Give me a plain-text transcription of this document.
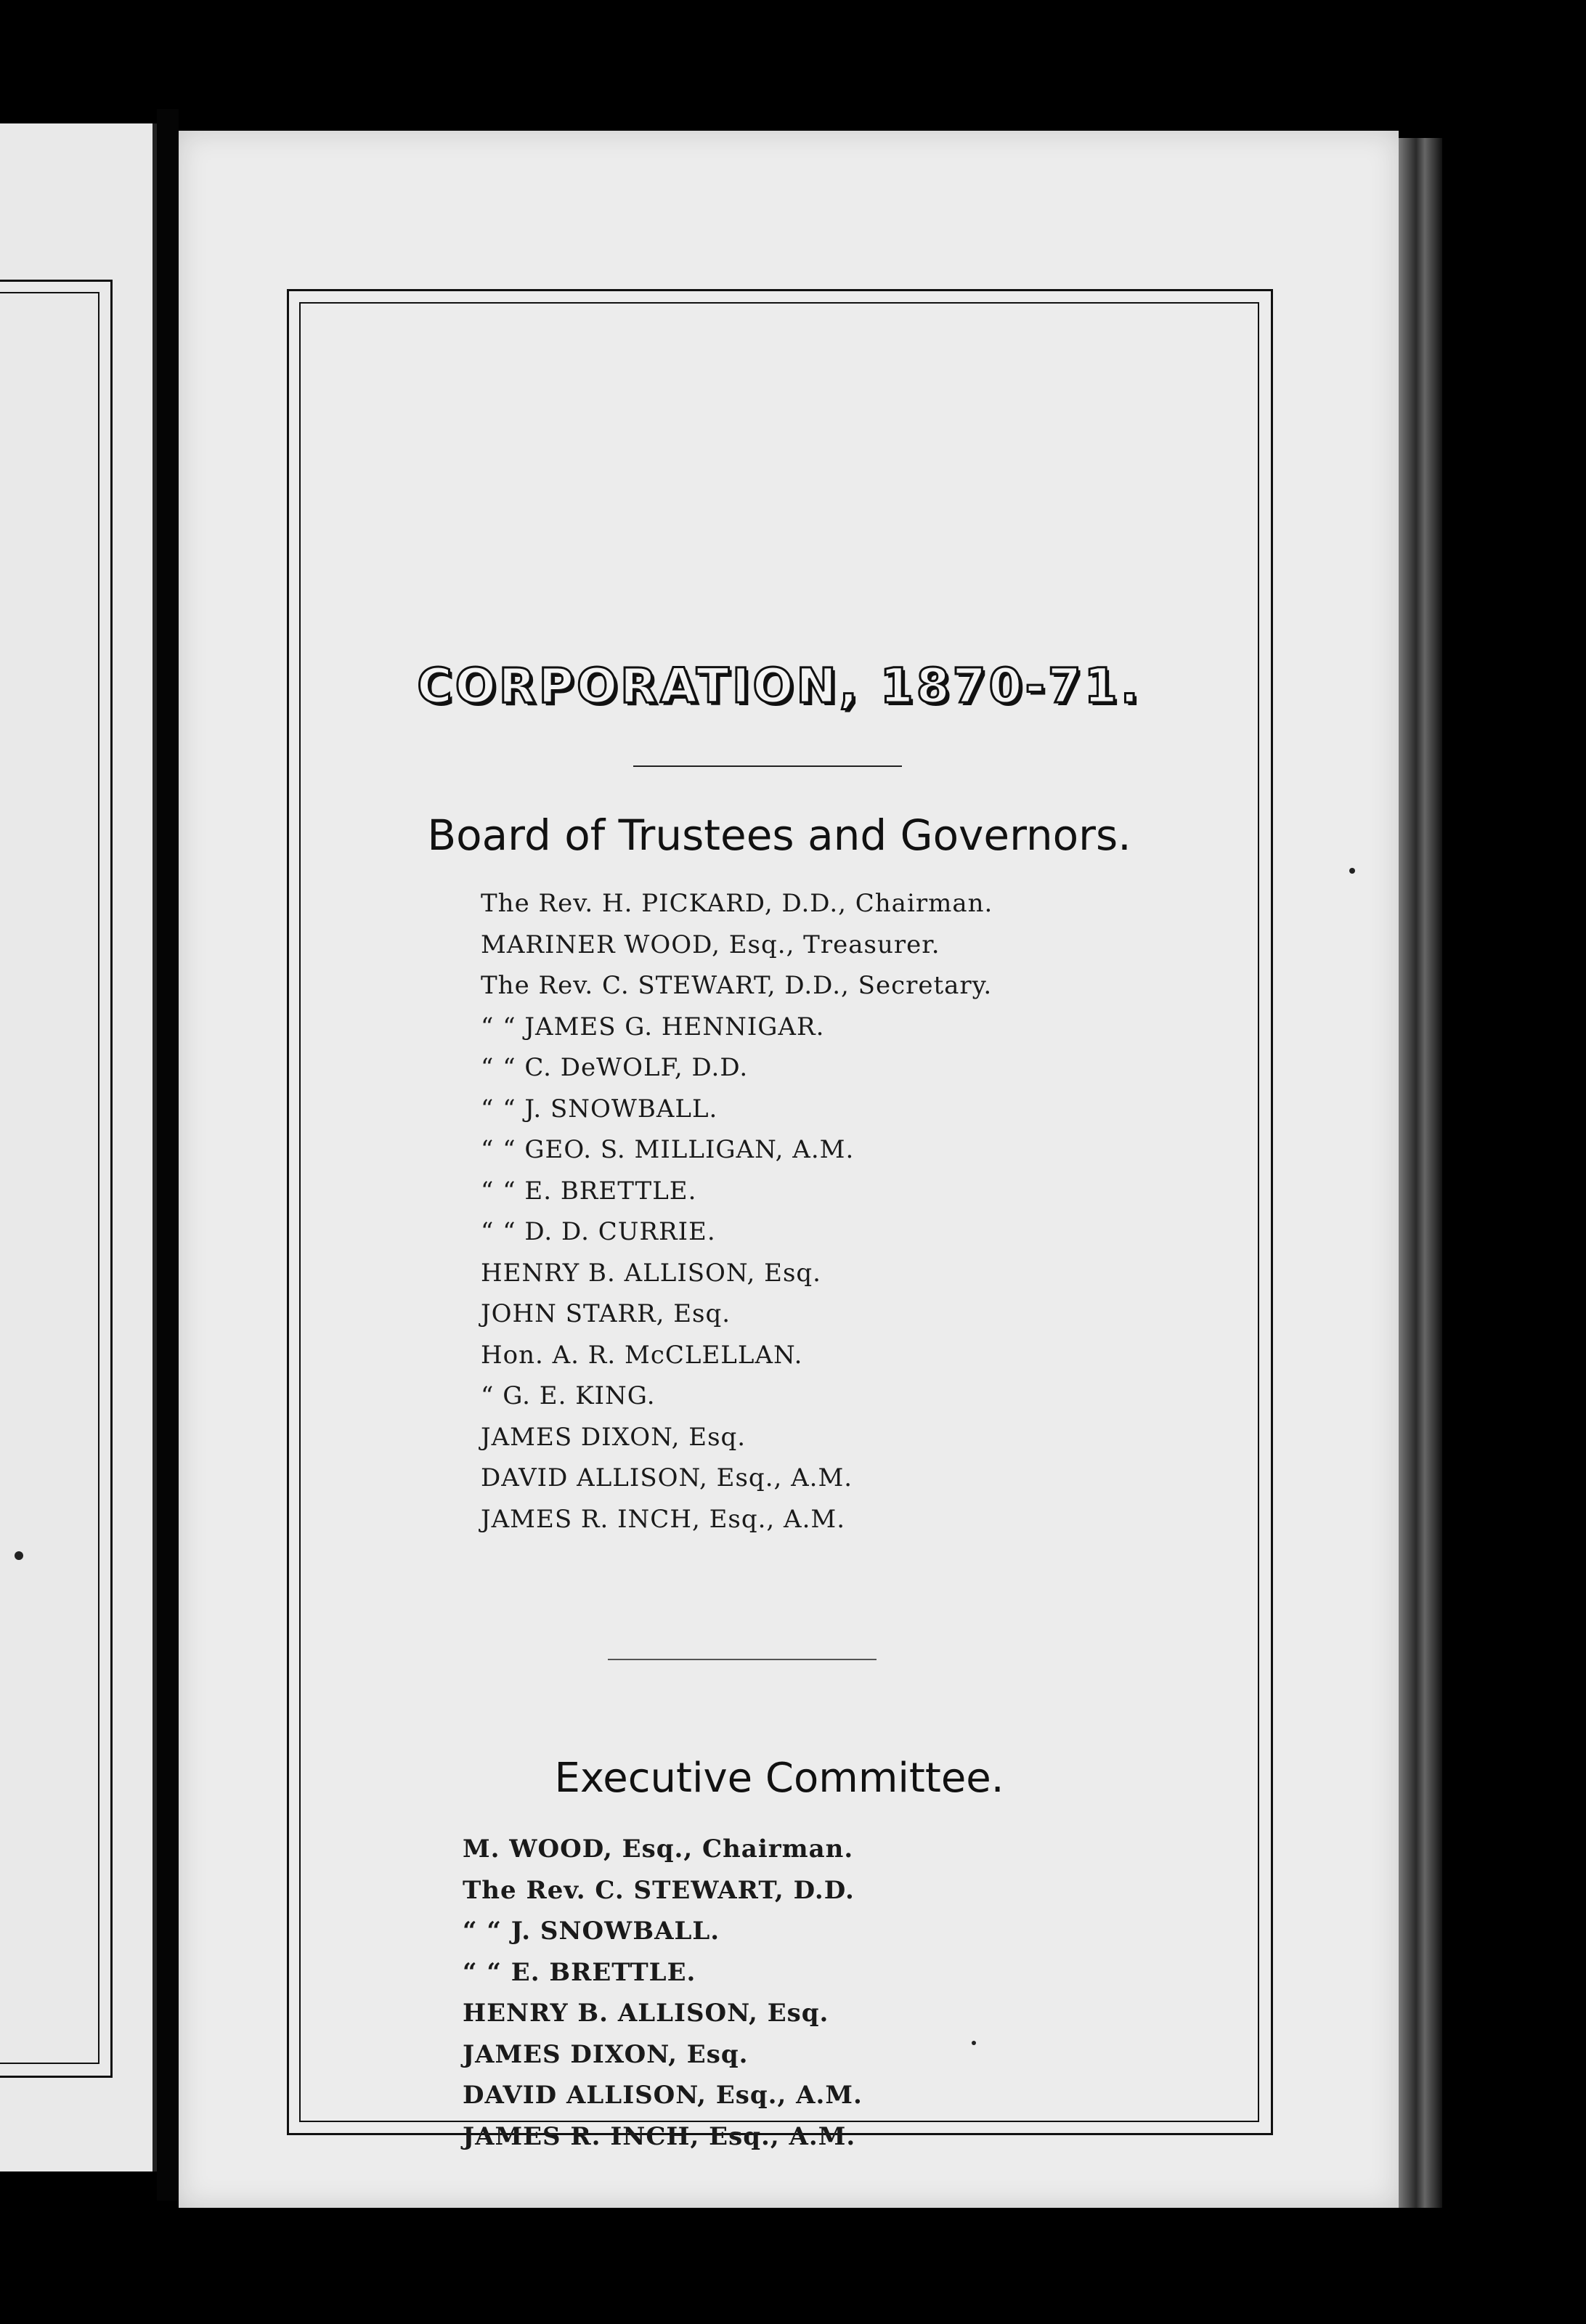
CORPORATION, 1870-71.
Board of Trustees and Governors.
The Rev. H. PICKARD, D.D., Chairman.
MARINER WOOD, Esq., Treasurer.
The Rev. C. STEWART, D.D., Secretary.
“ “ JAMES G. HENNIGAR.
“ “ C. DeWOLF, D.D.
“ “ J. SNOWBALL.
“ “ GEO. S. MILLIGAN, A.M.
“ “ E. BRETTLE.
“ “ D. D. CURRIE.
HENRY B. ALLISON, Esq.
JOHN STARR, Esq.
Hon. A. R. McCLELLAN.
“ G. E. KING.
JAMES DIXON, Esq.
DAVID ALLISON, Esq., A.M.
JAMES R. INCH, Esq., A.M.
Executive Committee.
M. WOOD, Esq., Chairman.
The Rev. C. STEWART, D.D.
“ “ J. SNOWBALL.
“ “ E. BRETTLE.
HENRY B. ALLISON, Esq.
JAMES DIXON, Esq.
DAVID ALLISON, Esq., A.M.
JAMES R. INCH, Esq., A.M.
